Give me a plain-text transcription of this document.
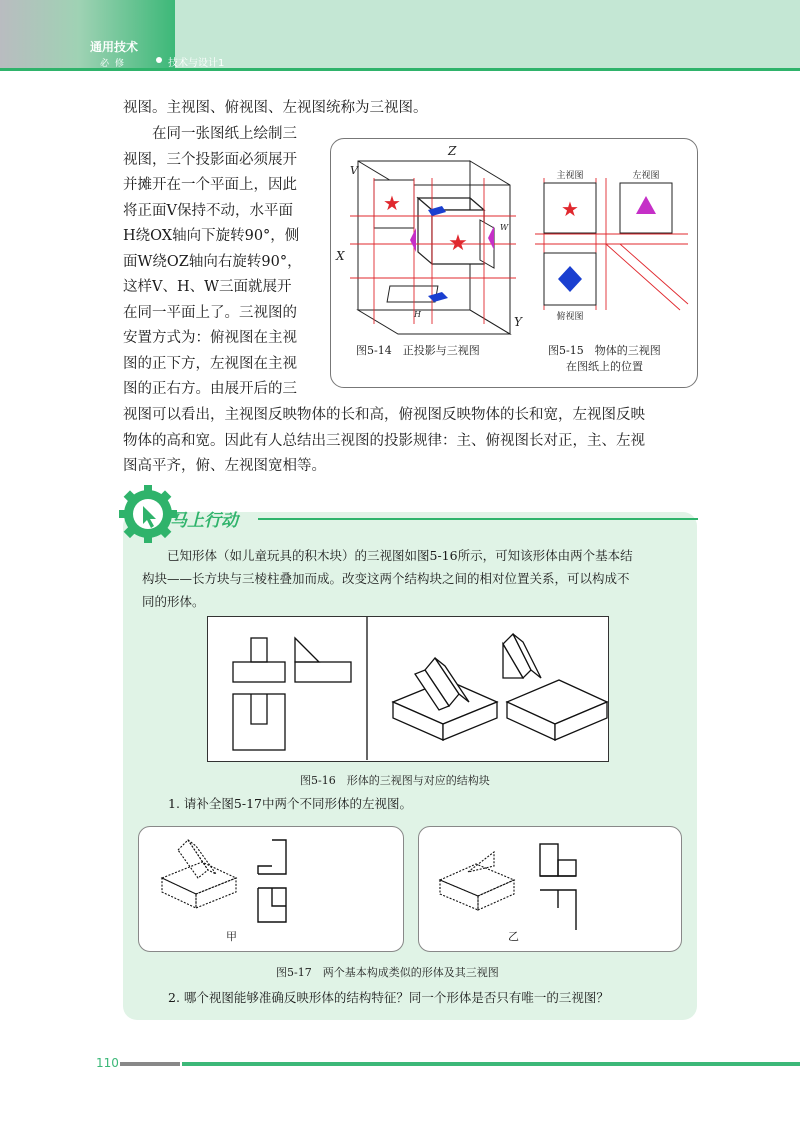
通用技术
必修	技术与设计1
视图。主视图、俯视图、左视图统称为三视图。
在同一张图纸上绘制三
视图，三个投影面必须展开
并摊开在一个平面上，因此
将正面V保持不动，水平面
H绕OX轴向下旋转90°，侧
面W绕OZ轴向右旋转90°，
这样V、H、W三面就展开
在同一平面上了。三视图的
安置方式为：俯视图在主视
图的正下方，左视图在主视
图的正右方。由展开后的三
视图可以看出，主视图反映物体的长和高，俯视图反映物体的长和宽，左视图反映
物体的高和宽。因此有人总结出三视图的投影规律：主、俯视图长对正，主、左视
图高平齐，俯、左视图宽相等。
★
★
Z
X
Y
V
W
H
★
主视图	左视图
俯视图
图5-14　正投影与三视图	图5-15　物体的三视图
在图纸上的位置
马上行动
已知形体（如儿童玩具的积木块）的三视图如图5-16所示，可知该形体由两个基本结
构块——长方块与三棱柱叠加而成。改变这两个结构块之间的相对位置关系，可以构成不
同的形体。
图5-16　形体的三视图与对应的结构块
1. 请补全图5-17中两个不同形体的左视图。
甲	乙
图5-17　两个基本构成类似的形体及其三视图
2. 哪个视图能够准确反映形体的结构特征？同一个形体是否只有唯一的三视图？
110
